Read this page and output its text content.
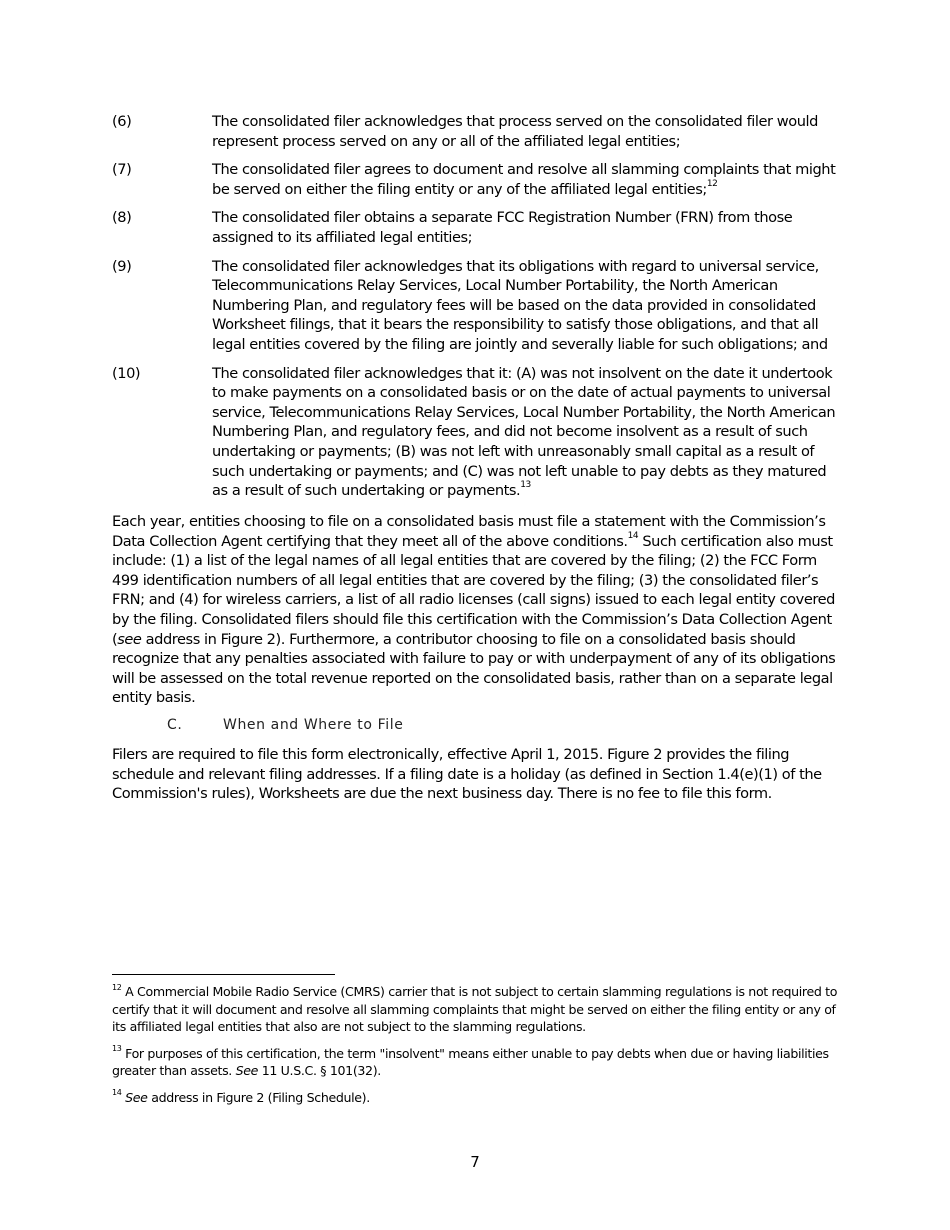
(6)	The consolidated filer acknowledges that process served on the consolidated filer would represent process served on any or all of the affiliated legal entities;
(7)	The consolidated filer agrees to document and resolve all slamming complaints that might be served on either the filing entity or any of the affiliated legal entities;$^{12}$
(8)	The consolidated filer obtains a separate FCC Registration Number (FRN) from those assigned to its affiliated legal entities;
(9)	The consolidated filer acknowledges that its obligations with regard to universal service, Telecommunications Relay Services, Local Number Portability, the North American Numbering Plan, and regulatory fees will be based on the data provided in consolidated Worksheet filings, that it bears the responsibility to satisfy those obligations, and that all legal entities covered by the filing are jointly and severally liable for such obligations; and
(10)	The consolidated filer acknowledges that it: (A) was not insolvent on the date it undertook to make payments on a consolidated basis or on the date of actual payments to universal service, Telecommunications Relay Services, Local Number Portability, the North American Numbering Plan, and regulatory fees, and did not become insolvent as a result of such undertaking or payments; (B) was not left with unreasonably small capital as a result of such undertaking or payments; and (C) was not left unable to pay debts as they matured as a result of such undertaking or payments.$^{13}$
Each year, entities choosing to file on a consolidated basis must file a statement with the Commission’s Data Collection Agent certifying that they meet all of the above conditions.$^{14}$ Such certification also must include: (1) a list of the legal names of all legal entities that are covered by the filing; (2) the FCC Form 499 identification numbers of all legal entities that are covered by the filing; (3) the consolidated filer’s FRN; and (4) for wireless carriers, a list of all radio licenses (call signs) issued to each legal entity covered by the filing. Consolidated filers should file this certification with the Commission’s Data Collection Agent (see address in Figure 2). Furthermore, a contributor choosing to file on a consolidated basis should recognize that any penalties associated with failure to pay or with underpayment of any of its obligations will be assessed on the total revenue reported on the consolidated basis, rather than on a separate legal entity basis.
C.	When and Where to File
Filers are required to file this form electronically, effective April 1, 2015. Figure 2 provides the filing schedule and relevant filing addresses. If a filing date is a holiday (as defined in Section 1.4(e)(1) of the Commission's rules), Worksheets are due the next business day. There is no fee to file this form.
$^{12}$ A Commercial Mobile Radio Service (CMRS) carrier that is not subject to certain slamming regulations is not required to certify that it will document and resolve all slamming complaints that might be served on either the filing entity or any of its affiliated legal entities that also are not subject to the slamming regulations.
$^{13}$ For purposes of this certification, the term "insolvent" means either unable to pay debts when due or having liabilities greater than assets. See 11 U.S.C. § 101(32).
$^{14}$ See address in Figure 2 (Filing Schedule).
7
